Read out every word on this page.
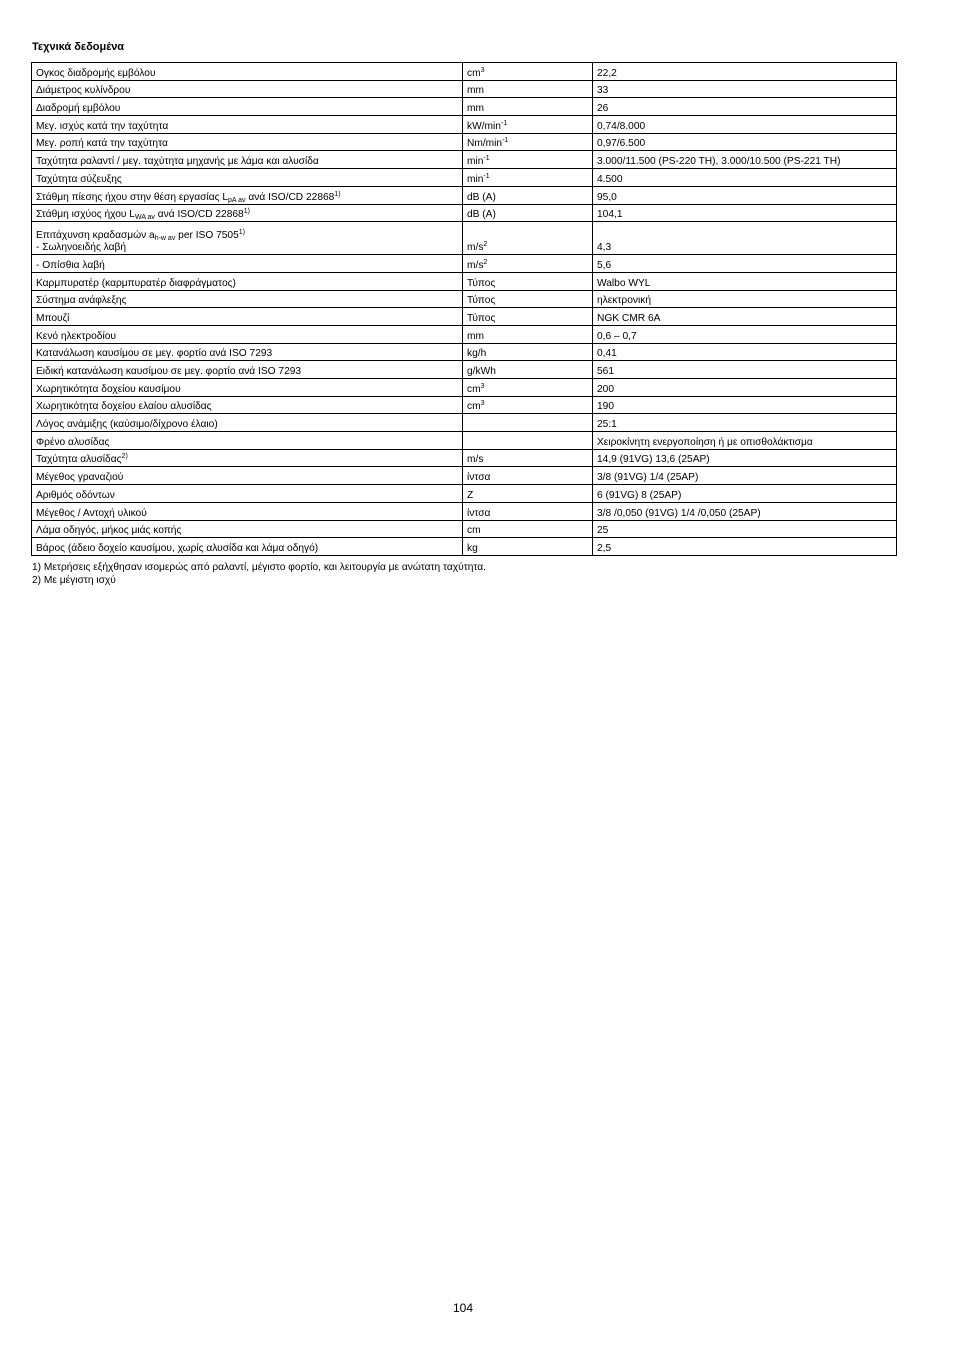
Τεχνικά δεδομένα
Ογκος διαδρομής εμβόλου	$cm^3$	22,2
Διάμετρος κυλίνδρου	mm	33
Διαδρομή εμβόλου	mm	26
Μεγ. ισχύς κατά την ταχύτητα	$kW/\min^{-1}$	0,74/8.000
Μεγ. ροπή κατά την ταχύτητα	$Nm/\min^{-1}$	0,97/6.500
Ταχύτητα ραλαντί / μεγ. ταχύτητα μηχανής με λάμα και αλυσίδα	$\min^{-1}$	3.000/11.500 (PS-220 TH), 3.000/10.500 (PS-221 TH)
Ταχύτητα σύζευξης	$\min^{-1}$	4.500
Στάθμη πίεσης ήχου στην θέση εργασίας $L_{pA av}$ ανά ISO/CD 22868$^{1)}$	dB (A)	95,0
Στάθμη ισχύος ήχου $L_{WA av}$ ανά ISO/CD 22868$^{1)}$	dB (A)	104,1
Επιτάχυνση κραδασμών $a_{h-w av}$ per ISO 7505$^{1)}$
- Σωληνοειδής λαβή	$m/s^2$	4,3
- Οπίσθια λαβή	$m/s^2$	5,6
Καρμπυρατέρ (καρμπυρατέρ διαφράγματος)	Τύπος	Walbo WYL
Σύστημα ανάφλεξης	Τύπος	ηλεκτρονική
Μπουζί	Τύπος	NGK CMR 6A
Κενό ηλεκτροδίου	mm	0,6 – 0,7
Κατανάλωση καυσίμου σε μεγ. φορτίο ανά ISO 7293	kg/h	0,41
Ειδική κατανάλωση καυσίμου σε μεγ. φορτίο ανά ISO 7293	g/kWh	561
Χωρητικότητα δοχείου καυσίμου	$cm^3$	200
Χωρητικότητα δοχείου ελαίου αλυσίδας	$cm^3$	190
Λόγος ανάμιξης (καύσιμο/δίχρονο έλαιο)		25:1
Φρένο αλυσίδας		Χειροκίνητη ενεργοποίηση ή με οπισθολάκτισμα
Ταχύτητα αλυσίδας$^{2)}$	m/s	14,9 (91VG) 13,6 (25AP)
Μέγεθος γραναζιού	ίντσα	3/8 (91VG) 1/4 (25AP)
Αριθμός οδόντων	Z	6 (91VG) 8 (25AP)
Μέγεθος / Αντοχή υλικού	ίντσα	3/8 /0,050 (91VG) 1/4 /0,050 (25AP)
Λάμα οδηγός, μήκος μιάς κοπής	cm	25
Βάρος (άδειο δοχείο καυσίμου, χωρίς αλυσίδα και λάμα οδηγό)	kg	2,5
1) Μετρήσεις εξήχθησαν ισομερώς από ραλαντί, μέγιστο φορτίο, και λειτουργία με ανώτατη ταχύτητα.
2) Με μέγιστη ισχύ
104
